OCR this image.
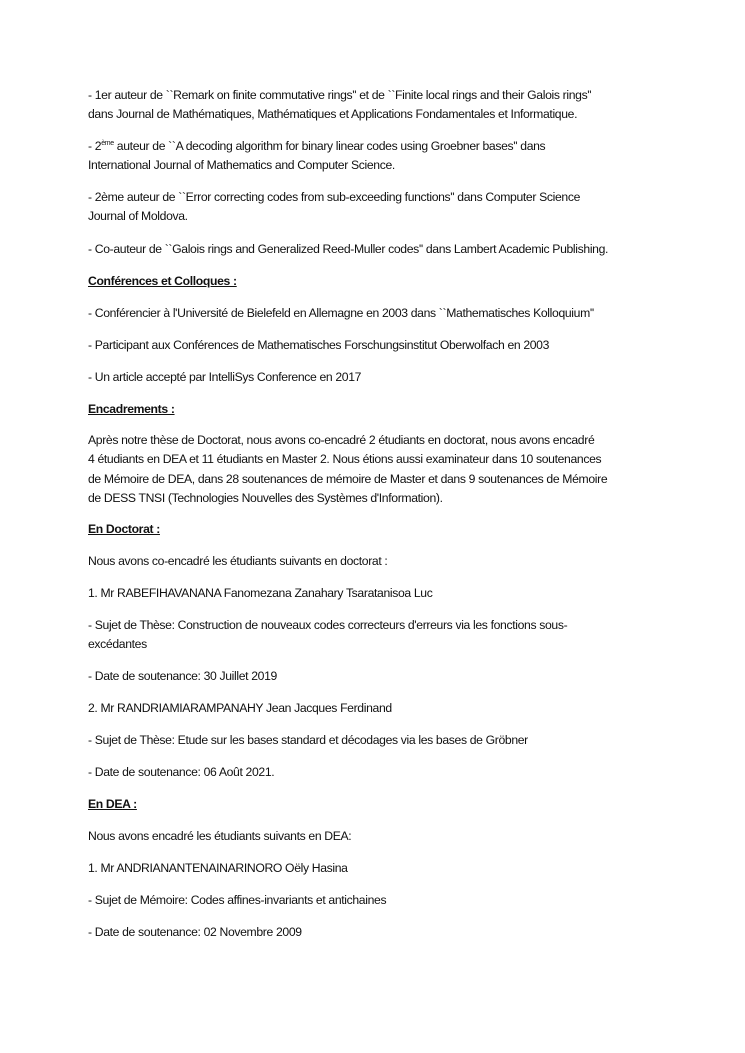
- 1er auteur de ``Remark on finite commutative rings'' et de ``Finite local rings and their Galois rings''
dans Journal de Mathématiques, Mathématiques et Applications Fondamentales et Informatique.
- 2ème auteur de ``A decoding algorithm for binary linear codes using Groebner bases'' dans
International Journal of Mathematics and Computer Science.
- 2ème auteur de ``Error correcting codes from sub-exceeding functions'' dans Computer Science
Journal of Moldova.
- Co-auteur de ``Galois rings and Generalized Reed-Muller codes'' dans Lambert Academic Publishing.
Conférences et Colloques :
- Conférencier à l'Université de Bielefeld en Allemagne en 2003 dans ``Mathematisches Kolloquium''
- Participant aux Conférences de Mathematisches Forschungsinstitut Oberwolfach en 2003
- Un article accepté par IntelliSys Conference en 2017
Encadrements :
Après notre thèse de Doctorat, nous avons co-encadré 2 étudiants en doctorat, nous avons encadré
4 étudiants en DEA et 11 étudiants en Master 2. Nous étions aussi examinateur dans 10 soutenances
de Mémoire de DEA, dans 28 soutenances de mémoire de Master et dans 9 soutenances de Mémoire
de DESS TNSI (Technologies Nouvelles des Systèmes d'Information).
En Doctorat :
Nous avons co-encadré les étudiants suivants en doctorat :
1. Mr RABEFIHAVANANA Fanomezana Zanahary Tsaratanisoa Luc
- Sujet de Thèse: Construction de nouveaux codes correcteurs d'erreurs via les fonctions sous-
excédantes
- Date de soutenance: 30 Juillet 2019
2. Mr RANDRIAMIARAMPANAHY Jean Jacques Ferdinand
- Sujet de Thèse: Etude sur les bases standard et décodages via les bases de Gröbner
- Date de soutenance: 06 Août 2021.
En DEA :
Nous avons encadré les étudiants suivants en DEA:
1. Mr ANDRIANANTENAINARINORO Oëly Hasina
- Sujet de Mémoire: Codes affines-invariants et antichaines
- Date de soutenance: 02 Novembre 2009
